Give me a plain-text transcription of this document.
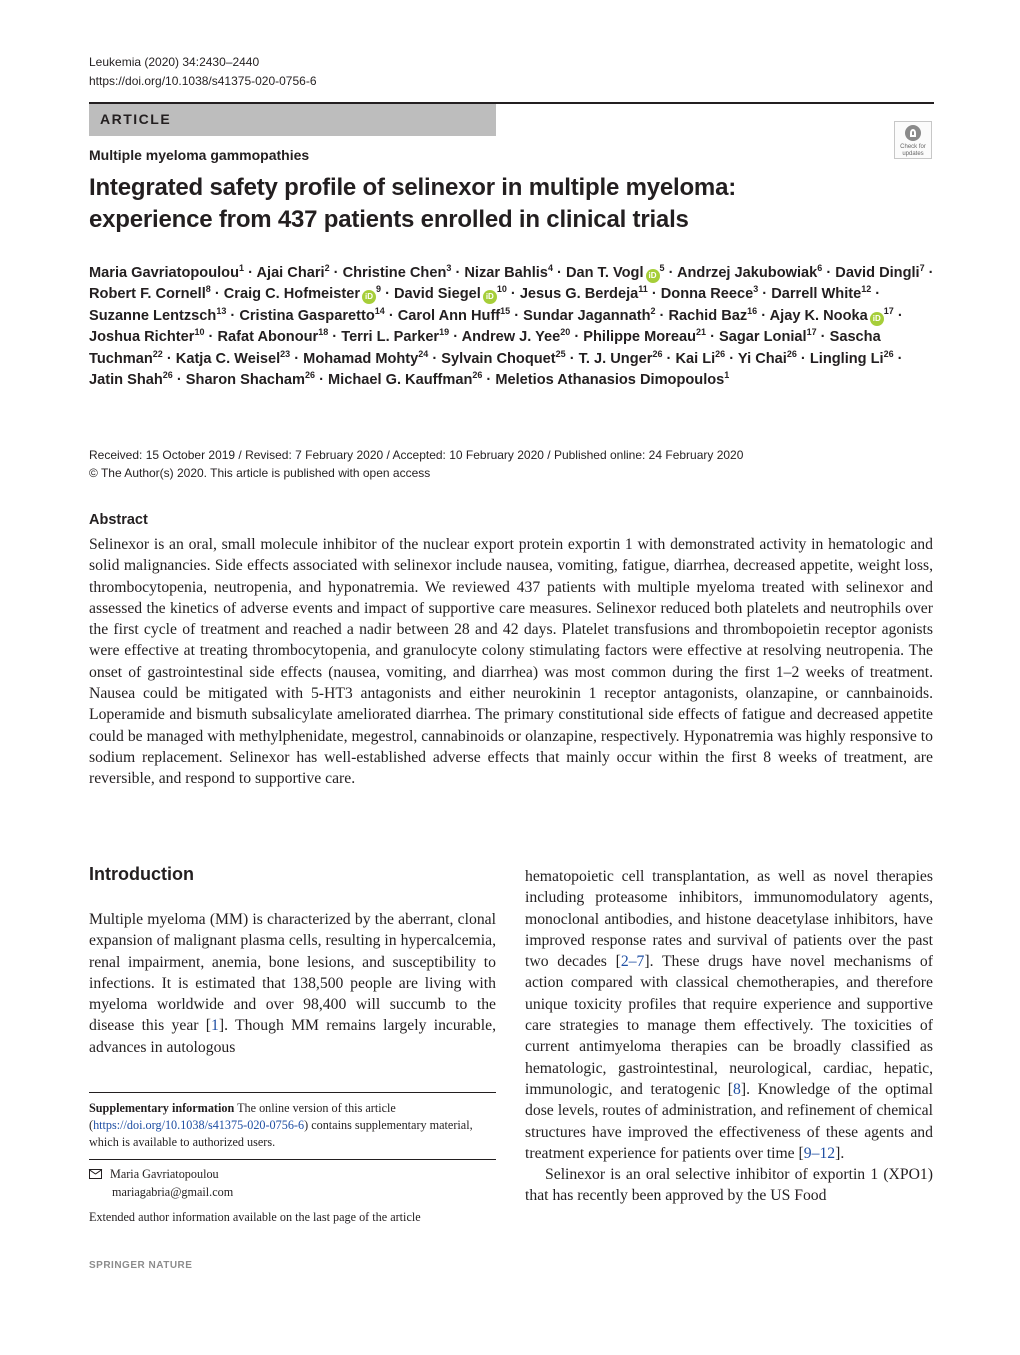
Leukemia (2020) 34:2430–2440
https://doi.org/10.1038/s41375-020-0756-6
ARTICLE
Check for updates
Multiple myeloma gammopathies
Integrated safety profile of selinexor in multiple myeloma:
experience from 437 patients enrolled in clinical trials
Maria Gavriatopoulou$^1$ · Ajai Chari$^2$ · Christine Chen$^3$ · Nizar Bahlis$^4$ · Dan T. Vogl $iD^5$ · Andrzej Jakubowiak$^6$ · David Dingli$^7$ · Robert F. Cornell$^8$ · Craig C. Hofmeister $iD^9$ · David Siegel $iD^{10}$ · Jesus G. Berdeja$^{11}$ · Donna Reece$^3$ · Darrell White$^{12}$ · Suzanne Lentzsch$^{13}$ · Cristina Gasparetto$^{14}$ · Carol Ann Huff$^{15}$ · Sundar Jagannath$^2$ · Rachid Baz$^{16}$ · Ajay K. Nooka $iD^{17}$ · Joshua Richter$^{10}$ · Rafat Abonour$^{18}$ · Terri L. Parker$^{19}$ · Andrew J. Yee$^{20}$ · Philippe Moreau$^{21}$ · Sagar Lonial$^{17}$ · Sascha Tuchman$^{22}$ · Katja C. Weisel$^{23}$ · Mohamad Mohty$^{24}$ · Sylvain Choquet$^{25}$ · T. J. Unger$^{26}$ · Kai $Li^{26} \cdot Yi$ Chai$^{26}$ · Lingling $Li^{26}$ · Jatin Shah$^{26}$ · Sharon Shacham$^{26}$ · Michael G. Kauffman$^{26}$ · Meletios Athanasios Dimopoulos$^1$
Received: 15 October 2019 / Revised: 7 February 2020 / Accepted: 10 February 2020 / Published online: 24 February 2020
© The Author(s) 2020. This article is published with open access
Abstract
Selinexor is an oral, small molecule inhibitor of the nuclear export protein exportin 1 with demonstrated activity in hematologic and solid malignancies. Side effects associated with selinexor include nausea, vomiting, fatigue, diarrhea, decreased appetite, weight loss, thrombocytopenia, neutropenia, and hyponatremia. We reviewed 437 patients with multiple myeloma treated with selinexor and assessed the kinetics of adverse events and impact of supportive care measures. Selinexor reduced both platelets and neutrophils over the first cycle of treatment and reached a nadir between 28 and 42 days. Platelet transfusions and thrombopoietin receptor agonists were effective at treating thrombocytopenia, and granulocyte colony stimulating factors were effective at resolving neutropenia. The onset of gastrointestinal side effects (nausea, vomiting, and diarrhea) was most common during the first 1–2 weeks of treatment. Nausea could be mitigated with 5-HT3 antagonists and either neurokinin 1 receptor antagonists, olanzapine, or cannbainoids. Loperamide and bismuth subsalicylate ameliorated diarrhea. The primary constitutional side effects of fatigue and decreased appetite could be managed with methylphenidate, megestrol, cannabinoids or olanzapine, respectively. Hyponatremia was highly responsive to sodium replacement. Selinexor has well-established adverse effects that mainly occur within the first 8 weeks of treatment, are reversible, and respond to supportive care.
Introduction
Multiple myeloma (MM) is characterized by the aberrant, clonal expansion of malignant plasma cells, resulting in hypercalcemia, renal impairment, anemia, bone lesions, and susceptibility to infections. It is estimated that 138,500 people are living with myeloma worldwide and over 98,400 will succumb to the disease this year [1]. Though MM remains largely incurable, advances in autologous

hematopoietic cell transplantation, as well as novel therapies including proteasome inhibitors, immunomodulatory agents, monoclonal antibodies, and histone deacetylase inhibitors, have improved response rates and survival of patients over the past two decades [2–7]. These drugs have novel mechanisms of action compared with classical chemotherapies, and therefore unique toxicity profiles that require experience and supportive care strategies to manage them effectively. The toxicities of current antimyeloma therapies can be broadly classified as hematologic, gastrointestinal, neurological, cardiac, hepatic, immunologic, and teratogenic [8]. Knowledge of the optimal dose levels, routes of administration, and refinement of chemical structures have improved the effectiveness of these agents and treatment experience for patients over time [9–12].

Selinexor is an oral selective inhibitor of exportin 1 (XPO1) that has recently been approved by the US Food

Supplementary information The online version of this article (https://doi.org/10.1038/s41375-020-0756-6) contains supplementary material, which is available to authorized users.
Maria Gavriatopoulou
mariagabria@gmail.com
Extended author information available on the last page of the article
SPRINGER NATURE
